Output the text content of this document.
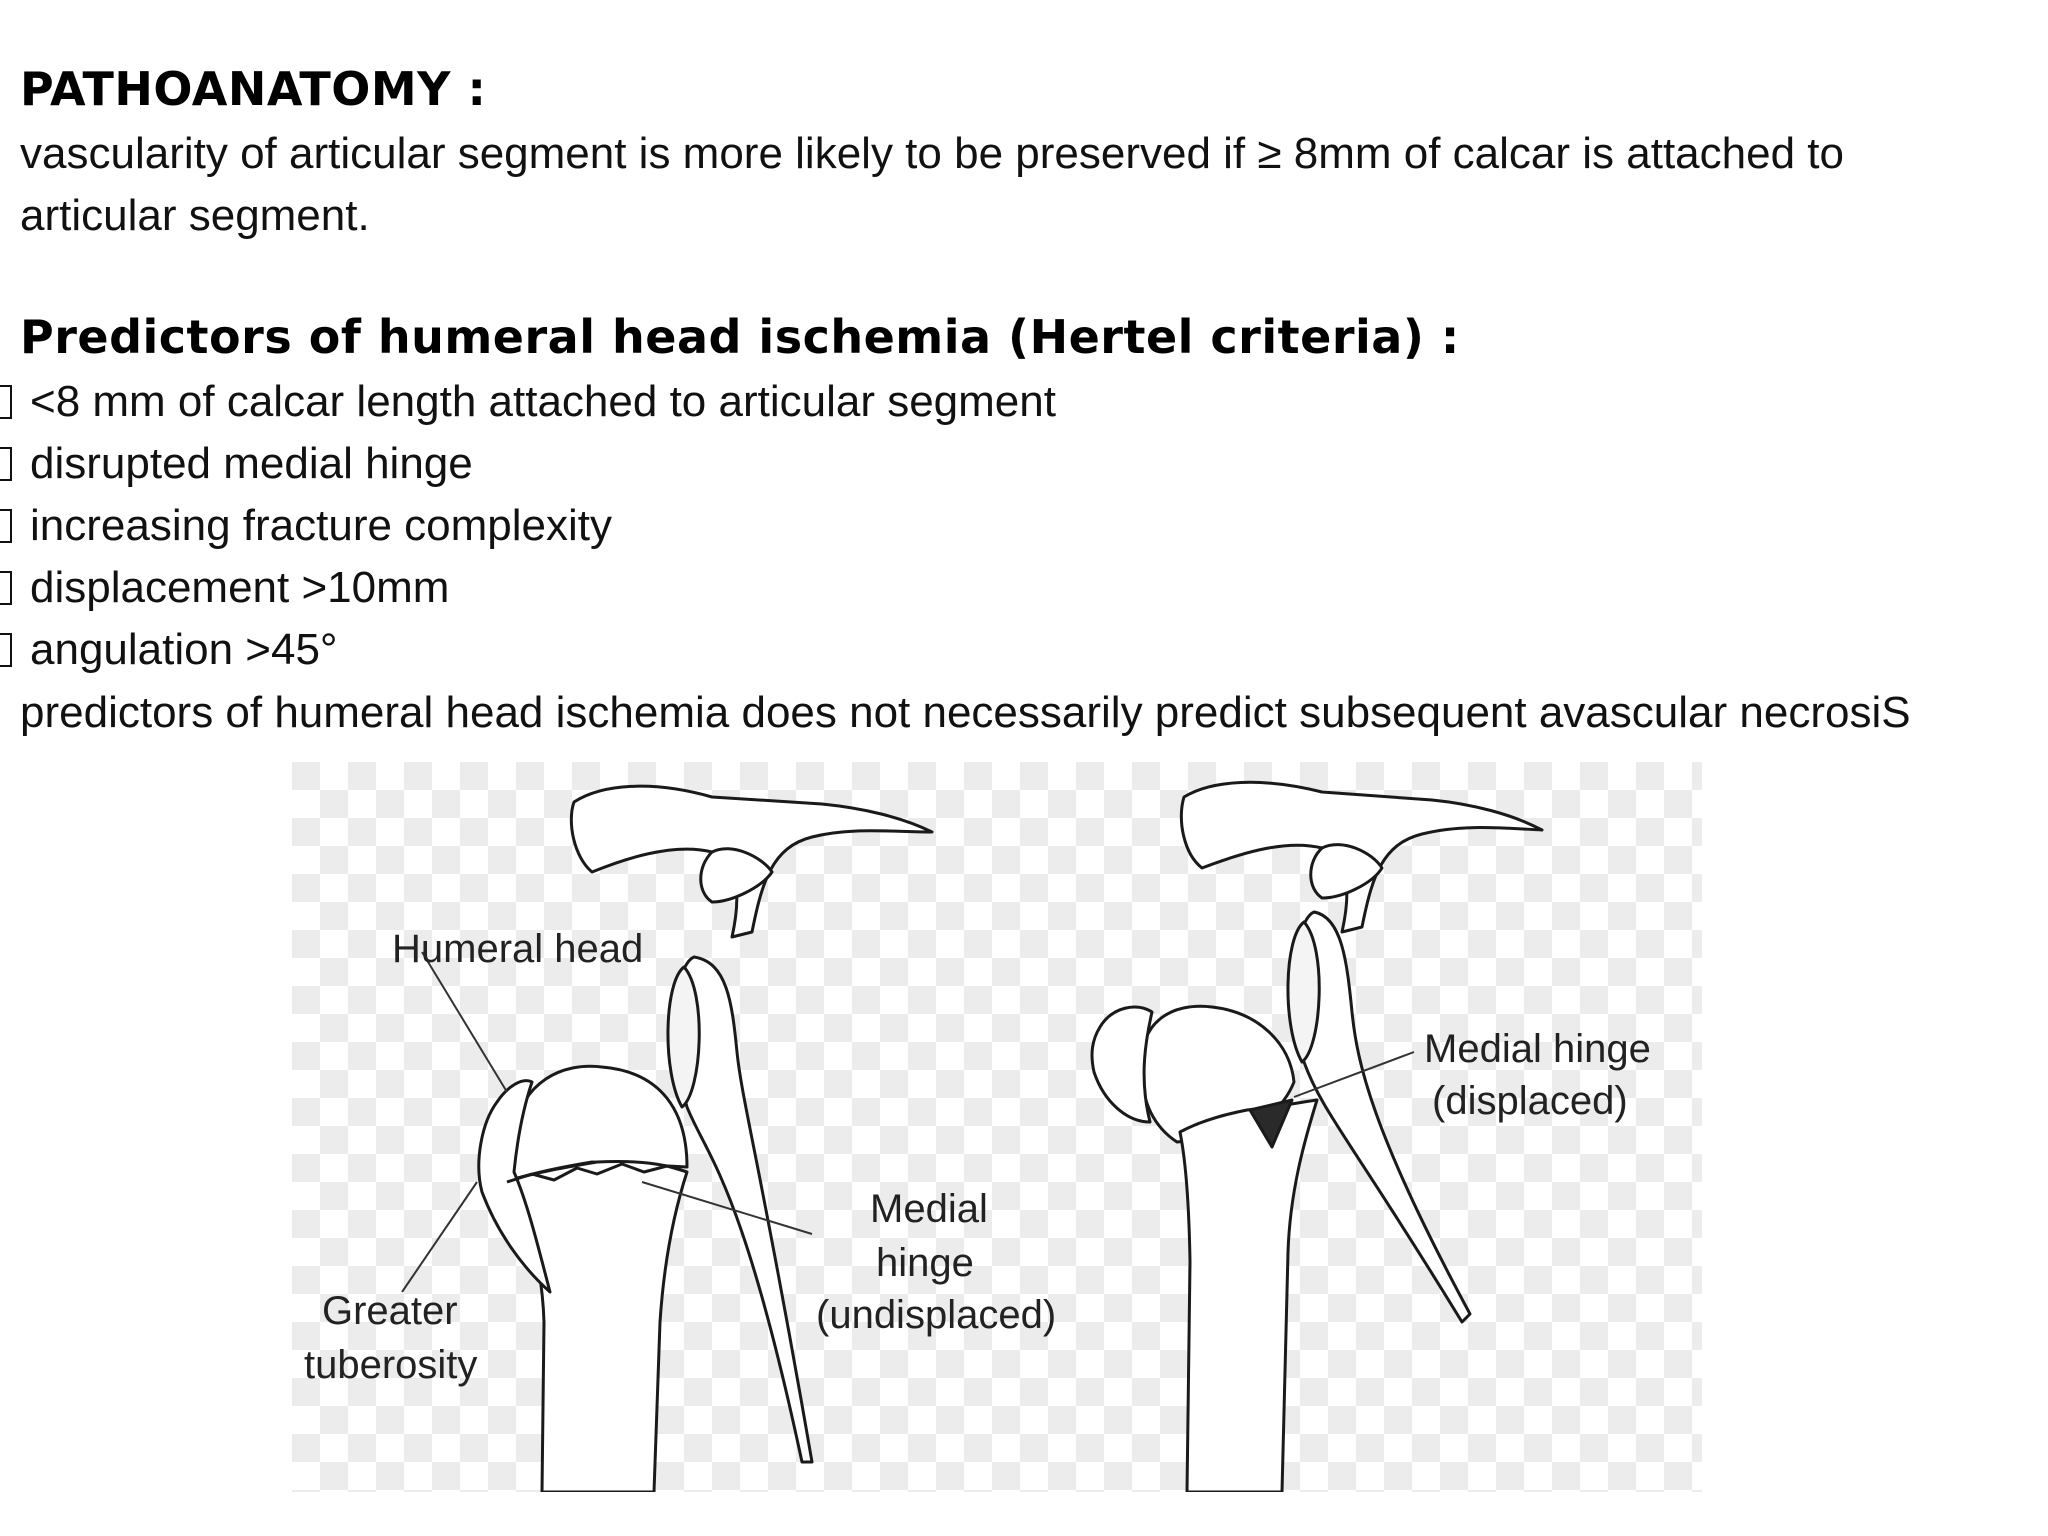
PATHOANATOMY :

vascularity of articular segment is more likely to be preserved if ≥ 8mm of calcar is attached to articular segment.

Predictors of humeral head ischemia (Hertel criteria) :
<8 mm of calcar length attached to articular segment
disrupted medial hinge
increasing fracture complexity
displacement >10mm
angulation >45°

predictors of humeral head ischemia does not necessarily predict subsequent avascular necrosiS

Humeral head
Greater
tuberosity
Medial
hinge
(undisplaced)
Medial hinge
(displaced)
